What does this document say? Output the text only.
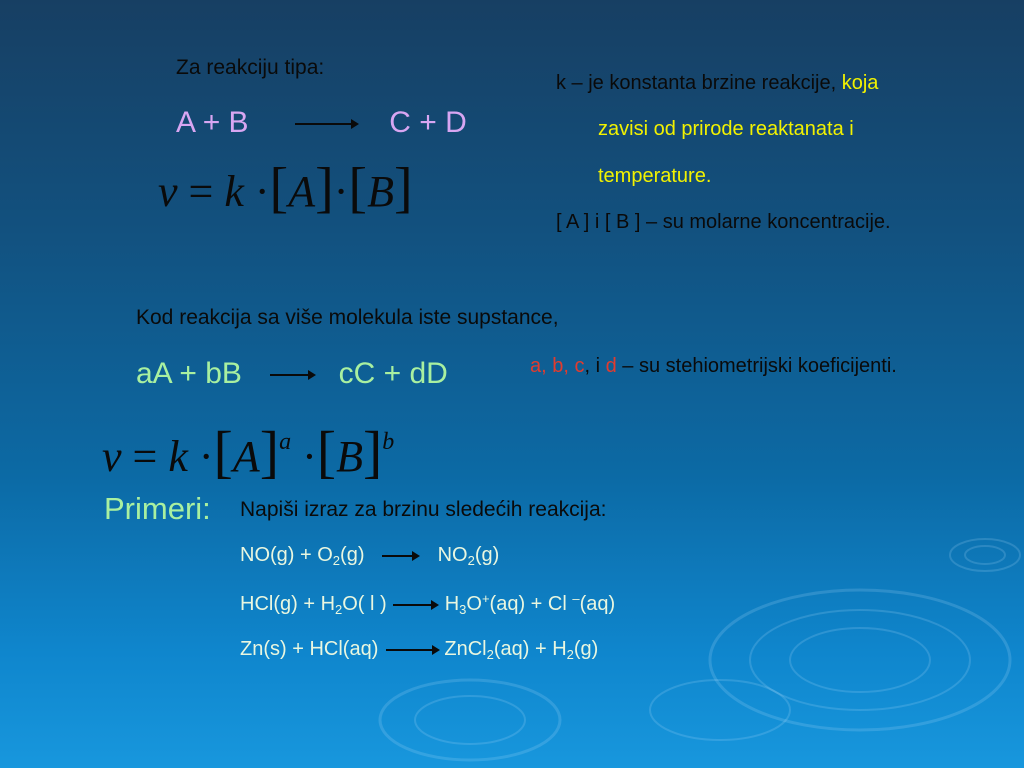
Za reakciju tipa:
A + B → C + D
v = k ·[A]·[B]
k – je konstanta brzine reakcije, koja
zavisi od prirode reaktanata i
temperature.
[ A ] i [ B ] – su molarne koncentracije.
Kod reakcija sa više molekula iste supstance,
aA + bB → cC + dD	a, b, c, i d – su stehiometrijski koeficijenti.
$v = k \cdot[A]^a \cdot[B]^b$
Primeri: Napiši izraz za brzinu sledećih reakcija:
$NO(g) + O_2(g) \to NO_2(g)$
$HCl(g) + H_2O$( l ) → $H_3O^+(aq) + Cl$ –(aq)
Zn(s) + HCl(aq) → ZnCl$_2$(aq) + $H_2(g)$
